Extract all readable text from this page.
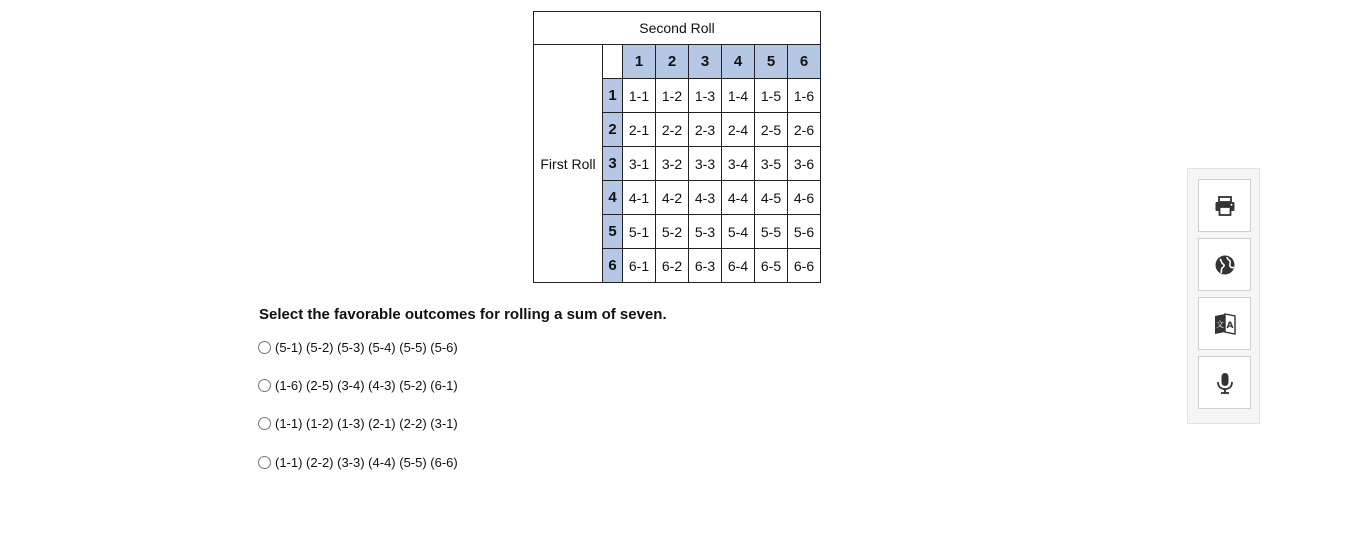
Second Roll							
First Roll		1	2	3	4	5	6
	1	1-1	1-2	1-3	1-4	1-5	1-6
	2	2-1	2-2	2-3	2-4	2-5	2-6
	3	3-1	3-2	3-3	3-4	3-5	3-6
	4	4-1	4-2	4-3	4-4	4-5	4-6
	5	5-1	5-2	5-3	5-4	5-5	5-6
	6	6-1	6-2	6-3	6-4	6-5	6-6

Select the favorable outcomes for rolling a sum of seven.

(5-1) (5-2) (5-3) (5-4) (5-5) (5-6)
(1-6) (2-5) (3-4) (4-3) (5-2) (6-1)
(1-1) (1-2) (1-3) (2-1) (2-2) (3-1)
(1-1) (2-2) (3-3) (4-4) (5-5) (6-6)
文 A
